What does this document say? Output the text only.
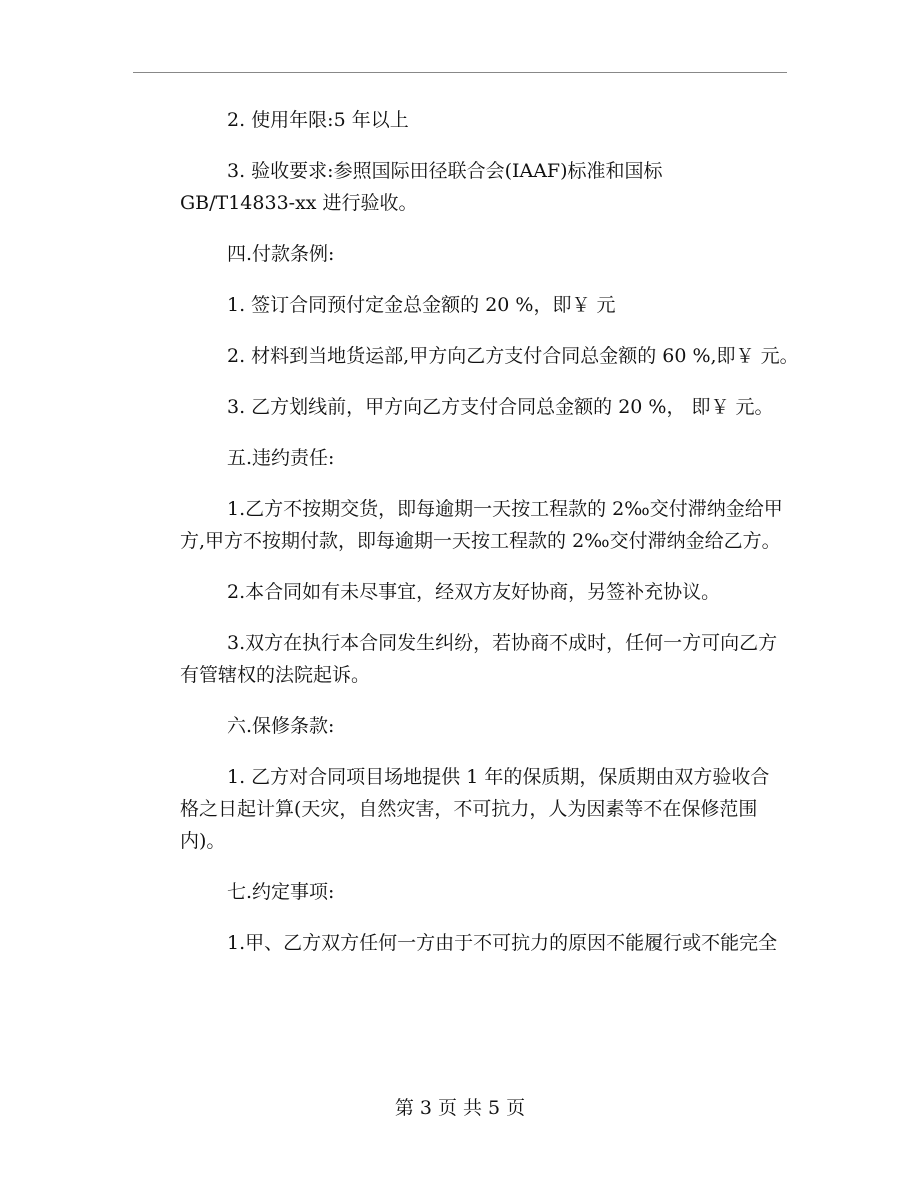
2. 使用年限:5 年以上
3. 验收要求:参照国际田径联合会(IAAF)标准和国标
GB/T14833-xx 进行验收。
四.付款条例:
1. 签订合同预付定金总金额的 20 %，即￥ 元
2. 材料到当地货运部,甲方向乙方支付合同总金额的 60 %,即￥ 元。
3. 乙方划线前，甲方向乙方支付合同总金额的 20 %， 即￥ 元。
五.违约责任:
1.乙方不按期交货，即每逾期一天按工程款的 2‰交付滞纳金给甲
方,甲方不按期付款，即每逾期一天按工程款的 2‰交付滞纳金给乙方。
2.本合同如有未尽事宜，经双方友好协商，另签补充协议。
3.双方在执行本合同发生纠纷，若协商不成时，任何一方可向乙方
有管辖权的法院起诉。
六.保修条款:
1. 乙方对合同项目场地提供 1 年的保质期，保质期由双方验收合
格之日起计算(天灾，自然灾害，不可抗力，人为因素等不在保修范围
内)。
七.约定事项:
1.甲、乙方双方任何一方由于不可抗力的原因不能履行或不能完全
第 3 页 共 5 页
